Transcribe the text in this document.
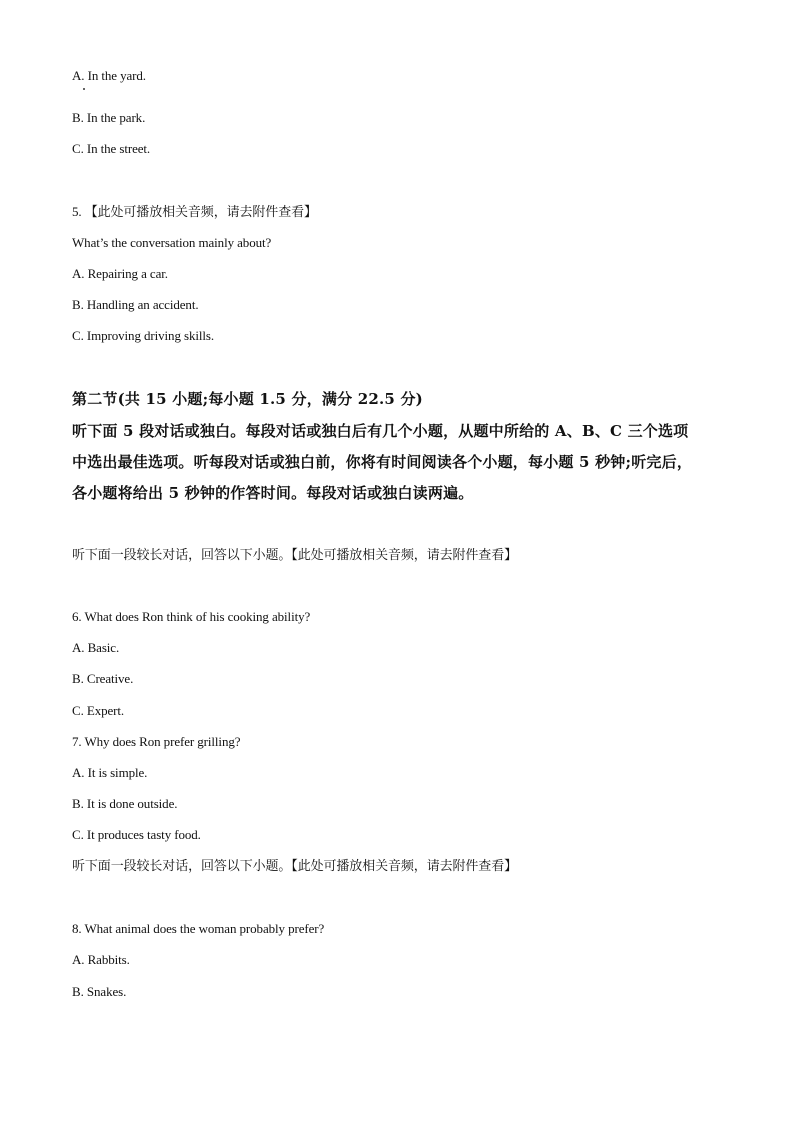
A. In the yard.
B. In the park.
C. In the street.
5. 【此处可播放相关音频，请去附件查看】
What’s the conversation mainly about?
A. Repairing a car.
B. Handling an accident.
C. Improving driving skills.
第二节(共 15 小题;每小题 1.5 分，满分 22.5 分)
听下面 5 段对话或独白。每段对话或独白后有几个小题，从题中所给的 A、B、C 三个选项
中选出最佳选项。听每段对话或独白前，你将有时间阅读各个小题，每小题 5 秒钟;听完后，
各小题将给出 5 秒钟的作答时间。每段对话或独白读两遍。
听下面一段较长对话，回答以下小题。【此处可播放相关音频，请去附件查看】
6. What does Ron think of his cooking ability?
A. Basic.
B. Creative.
C. Expert.
7. Why does Ron prefer grilling?
A. It is simple.
B. It is done outside.
C. It produces tasty food.
听下面一段较长对话，回答以下小题。【此处可播放相关音频，请去附件查看】
8. What animal does the woman probably prefer?
A. Rabbits.
B. Snakes.
